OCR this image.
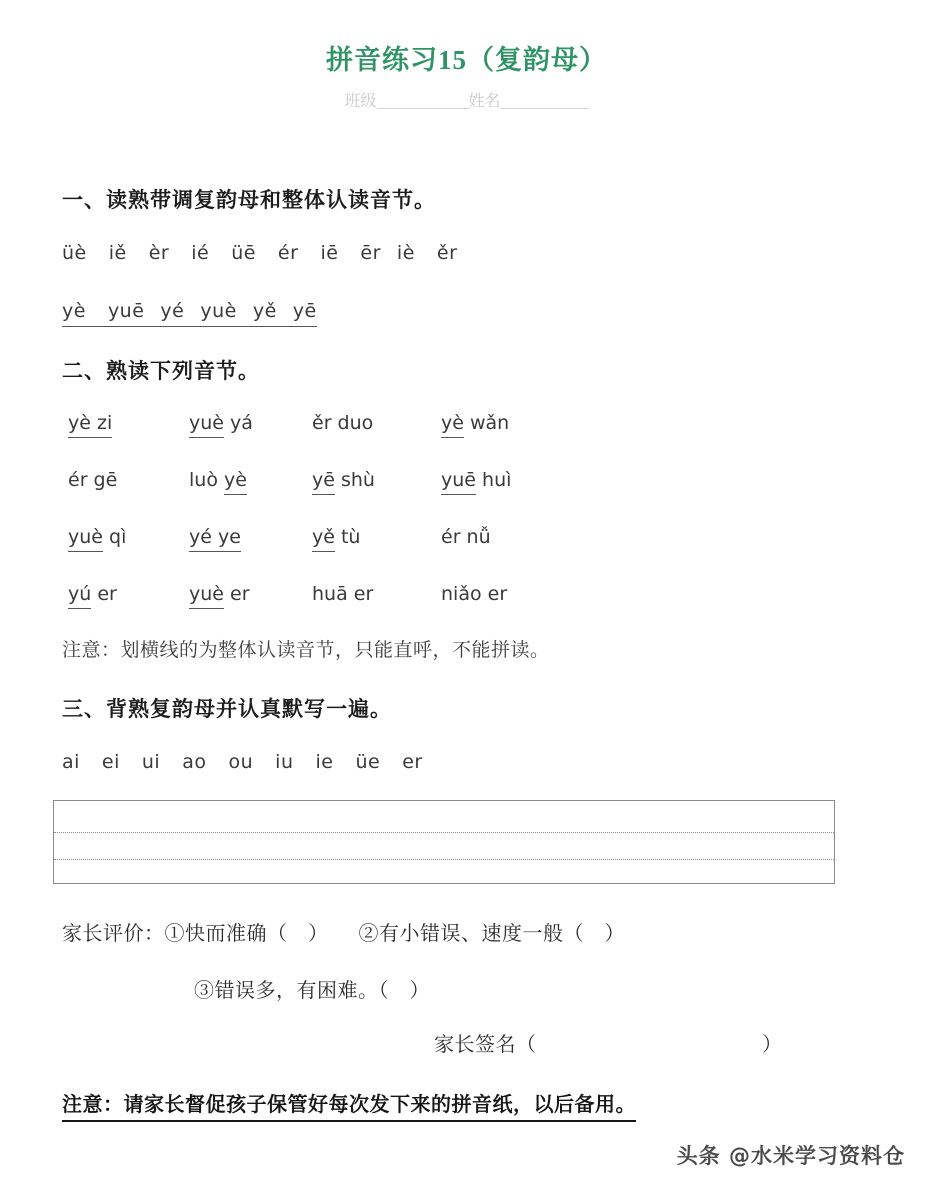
拼音练习15（复韵母）
班级	姓名
一、读熟带调复韵母和整体认读音节。
üè iě èr ié üē ér iē ēr iè ěr
yè yuē yé yuè yě yē
二、熟读下列音节。
yè zi	yuè yá	ěr duo	yè wǎn
ér gē	luò yè	yē shù	yuē huì
yuè qì	yé ye	yě tù	ér nǚ
yú er	yuè er	huā er	niǎo er
注意：划横线的为整体认读音节，只能直呼，不能拼读。
三、背熟复韵母并认真默写一遍。
ai ei ui ao ou iu ie üe er
家长评价：①快而准确（　） ②有小错误、速度一般（　）
③错误多，有困难。（　）
家长签名（　　　　　　　　　　　）
注意：请家长督促孩子保管好每次发下来的拼音纸，以后备用。
头条 @水米学习资料仓
